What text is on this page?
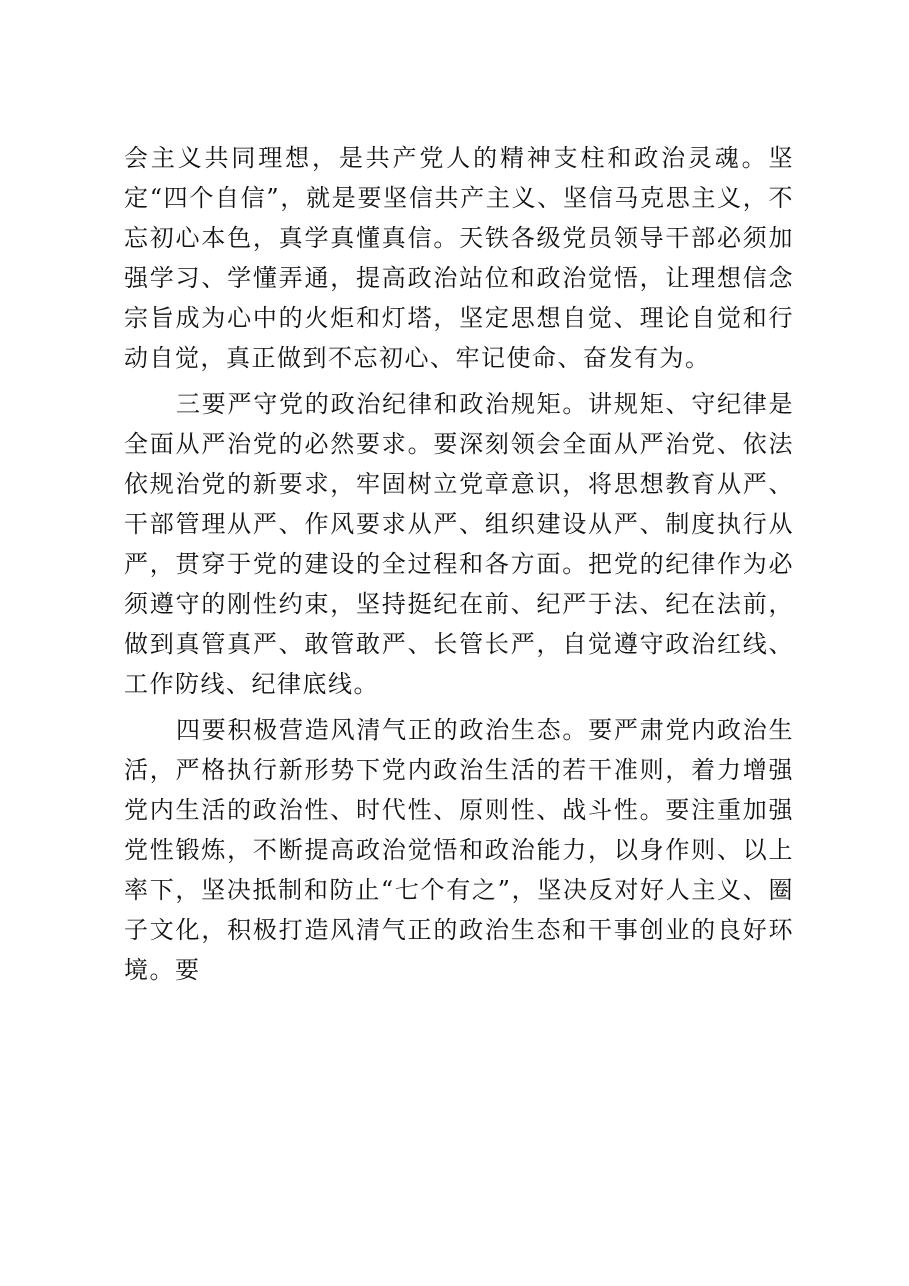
会主义共同理想，是共产党人的精神支柱和政治灵魂。坚定“四个自信”，就是要坚信共产主义、坚信马克思主义，不忘初心本色，真学真懂真信。天铁各级党员领导干部必须加强学习、学懂弄通，提高政治站位和政治觉悟，让理想信念宗旨成为心中的火炬和灯塔，坚定思想自觉、理论自觉和行动自觉，真正做到不忘初心、牢记使命、奋发有为。

三要严守党的政治纪律和政治规矩。讲规矩、守纪律是全面从严治党的必然要求。要深刻领会全面从严治党、依法依规治党的新要求，牢固树立党章意识，将思想教育从严、干部管理从严、作风要求从严、组织建设从严、制度执行从严，贯穿于党的建设的全过程和各方面。把党的纪律作为必须遵守的刚性约束，坚持挺纪在前、纪严于法、纪在法前，做到真管真严、敢管敢严、长管长严，自觉遵守政治红线、工作防线、纪律底线。

四要积极营造风清气正的政治生态。要严肃党内政治生活，严格执行新形势下党内政治生活的若干准则，着力增强党内生活的政治性、时代性、原则性、战斗性。要注重加强党性锻炼，不断提高政治觉悟和政治能力，以身作则、以上率下，坚决抵制和防止“七个有之”，坚决反对好人主义、圈子文化，积极打造风清气正的政治生态和干事创业的良好环境。要
